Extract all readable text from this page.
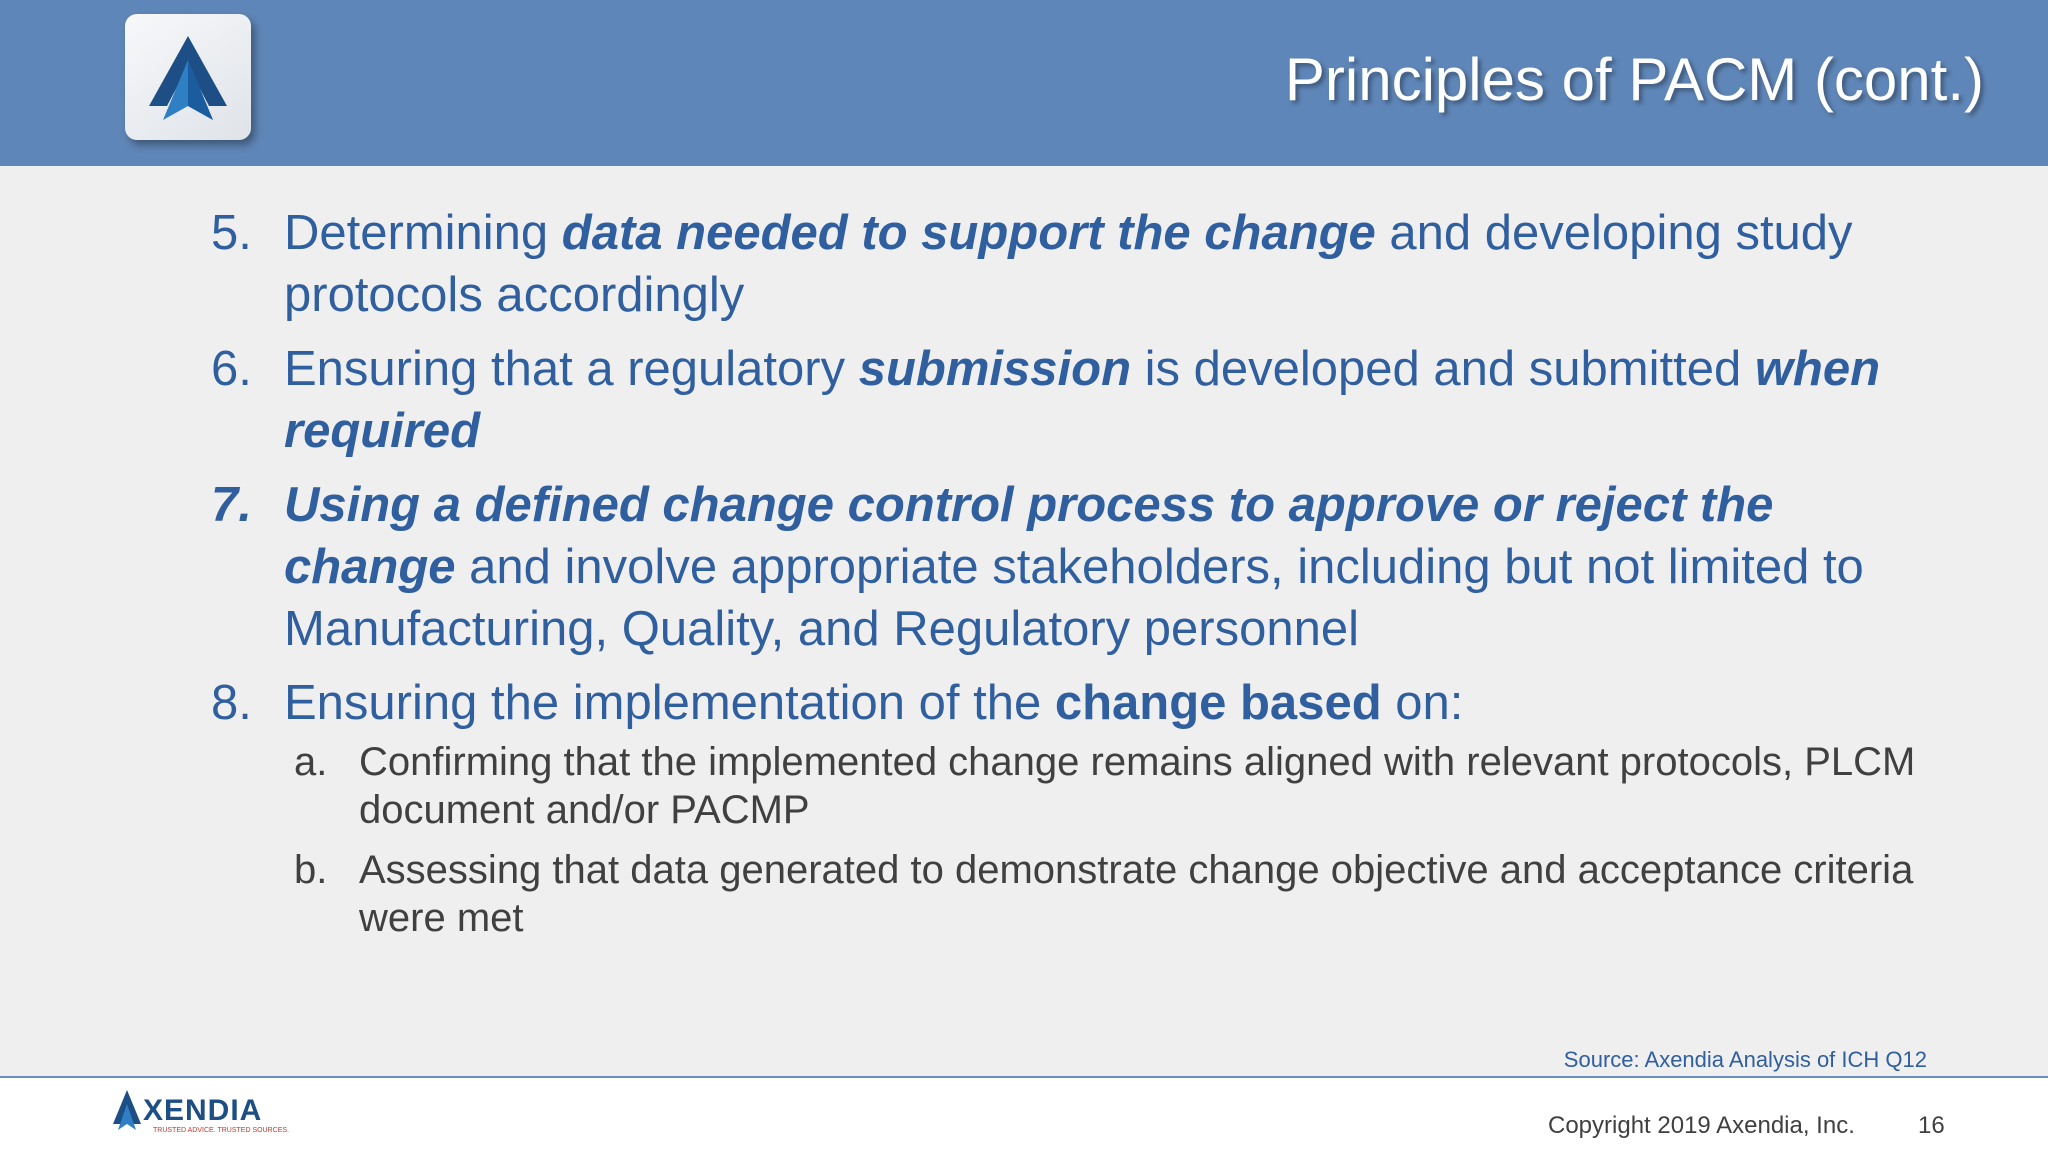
Principles of PACM (cont.)
5. Determining data needed to support the change and developing study protocols accordingly
6. Ensuring that a regulatory submission is developed and submitted when required
7. Using a defined change control process to approve or reject the change and involve appropriate stakeholders, including but not limited to Manufacturing, Quality, and Regulatory personnel
8. Ensuring the implementation of the change based on:
a. Confirming that the implemented change remains aligned with relevant protocols, PLCM document and/or PACMP
b. Assessing that data generated to demonstrate change objective and acceptance criteria were met
Source: Axendia Analysis of ICH Q12
XENDIA
TRUSTED ADVICE. TRUSTED SOURCES.	Copyright 2019 Axendia, Inc.	16
